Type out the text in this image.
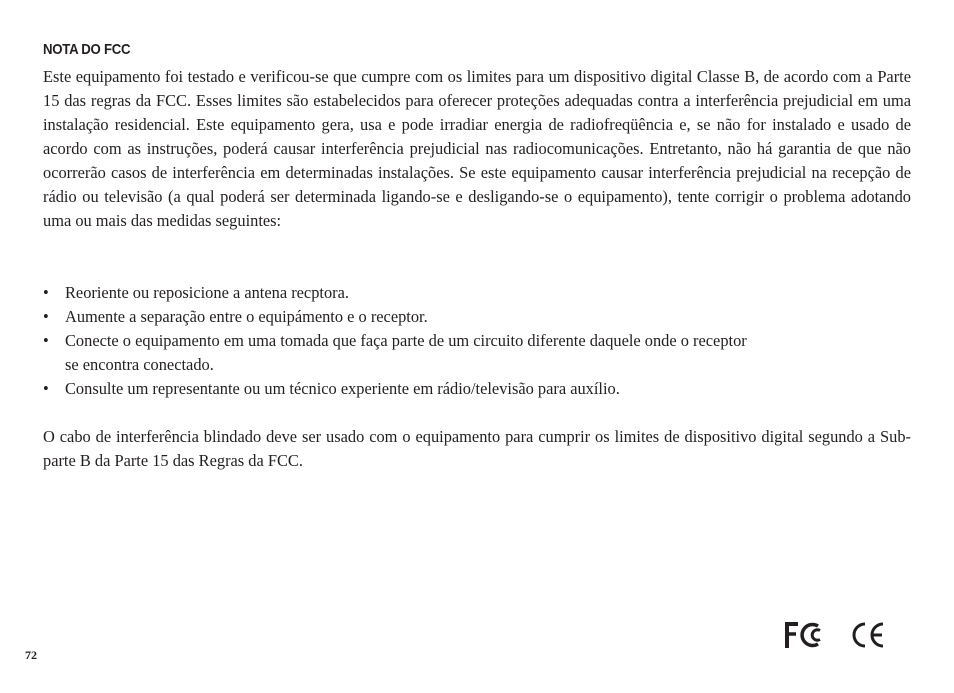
NOTA DO FCC

Este equipamento foi testado e verificou-se que cumpre com os limites para um dispositivo digital Classe B, de acordo com a Parte 15 das regras da FCC. Esses limites são estabelecidos para oferecer proteções adequadas contra a interferência prejudicial em uma instalação residencial. Este equipamento gera, usa e pode irradiar energia de radiofreqüência e, se não for instalado e usado de acordo com as instruções, poderá causar interferência prejudicial nas radiocomunicações. Entretanto, não há garantia de que não ocorrerão casos de interferência em determinadas instalações. Se este equipamento causar interferência prejudicial na recepção de rádio ou televisão (a qual poderá ser determinada ligando-se e desligando-se o equipamento), tente corrigir o problema adotando uma ou mais das medidas seguintes:

• Reoriente ou reposicione a antena recptora.
• Aumente a separação entre o equipámento e o receptor.
• Conecte o equipamento em uma tomada que faça parte de um circuito diferente daquele onde o receptor
se encontra conectado.
• Consulte um representante ou um técnico experiente em rádio/televisão para auxílio.

O cabo de interferência blindado deve ser usado com o equipamento para cumprir os limites de dispositivo digital segundo a Sub-parte B da Parte 15 das Regras da FCC.

72
